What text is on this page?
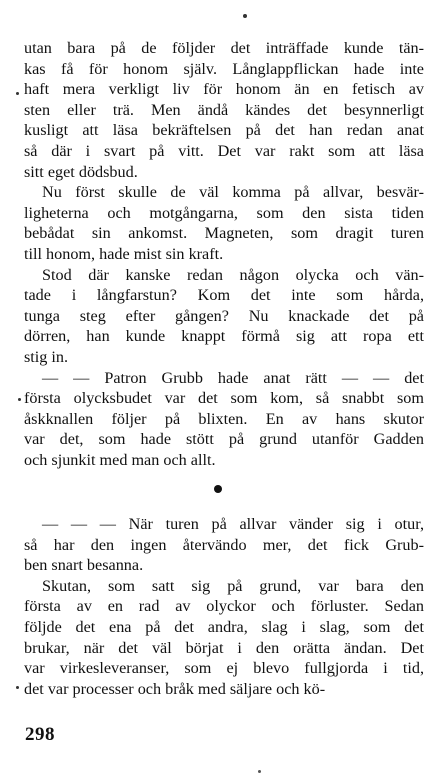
utan bara på de följder det inträffade kunde tän-
kas få för honom själv. Långlappflickan hade inte
haft mera verkligt liv för honom än en fetisch av
sten eller trä. Men ändå kändes det besynnerligt
kusligt att läsa bekräftelsen på det han redan anat
så där i svart på vitt. Det var rakt som att läsa
sitt eget dödsbud.

Nu först skulle de väl komma på allvar, besvär-
ligheterna och motgångarna, som den sista tiden
bebådat sin ankomst. Magneten, som dragit turen
till honom, hade mist sin kraft.

Stod där kanske redan någon olycka och vän-
tade i långfarstun? Kom det inte som hårda,
tunga steg efter gången? Nu knackade det på
dörren, han kunde knappt förmå sig att ropa ett
stig in.

— — Patron Grubb hade anat rätt — — det
första olycksbudet var det som kom, så snabbt som
åskknallen följer på blixten. En av hans skutor
var det, som hade stött på grund utanför Gadden
och sjunkit med man och allt.

— — — När turen på allvar vänder sig i otur,
så har den ingen återvändo mer, det fick Grub-
ben snart besanna.

Skutan, som satt sig på grund, var bara den
första av en rad av olyckor och förluster. Sedan
följde det ena på det andra, slag i slag, som det
brukar, när det väl börjat i den orätta ändan. Det
var virkesleveranser, som ej blevo fullgjorda i tid,
det var processer och bråk med säljare och kö-

298
